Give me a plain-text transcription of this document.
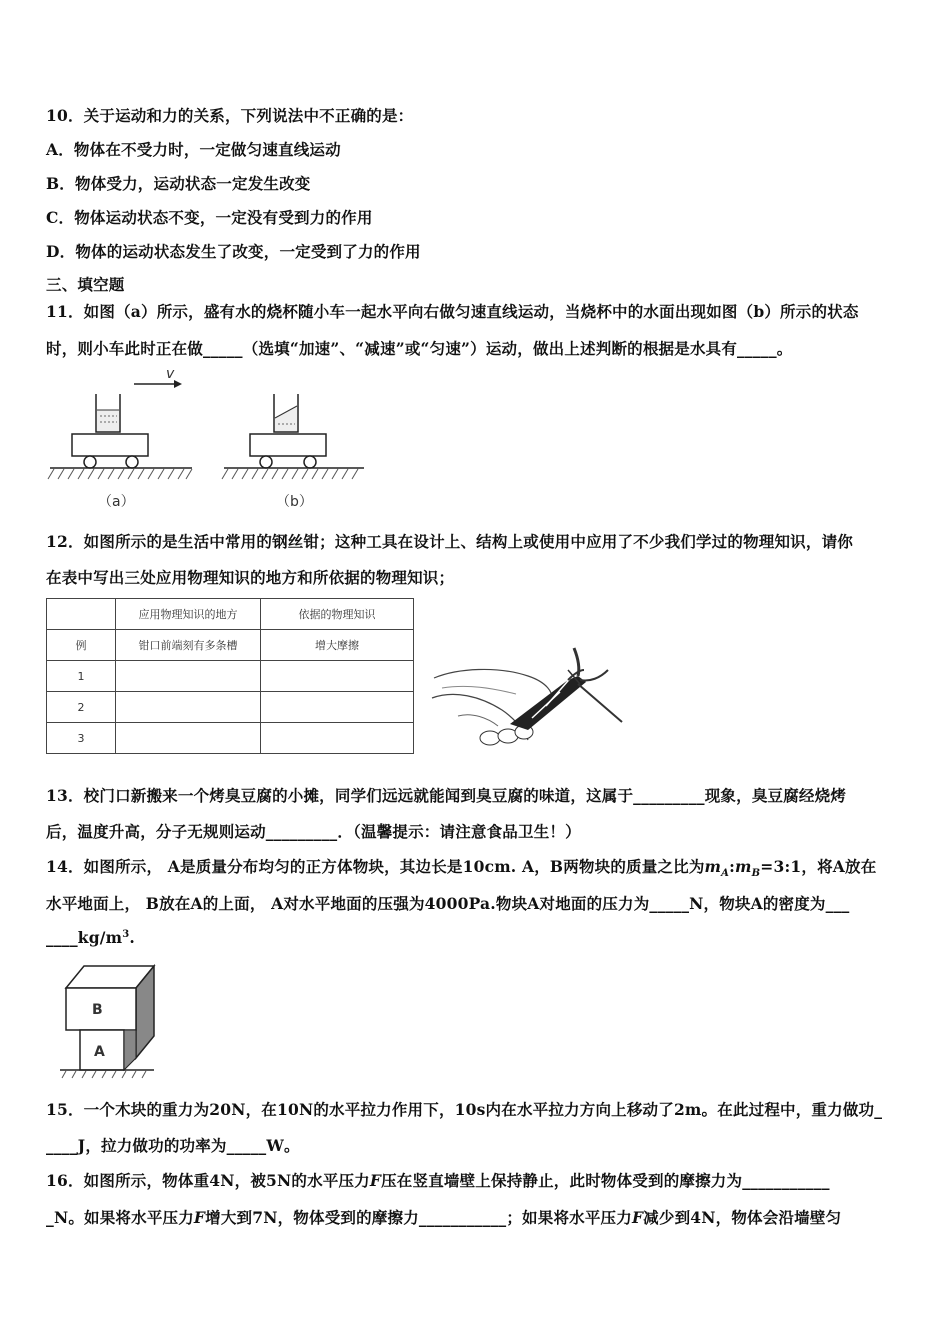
10．关于运动和力的关系，下列说法中不正确的是：
A．物体在不受力时，一定做匀速直线运动
B．物体受力，运动状态一定发生改变
C．物体运动状态不变，一定没有受到力的作用
D．物体的运动状态发生了改变，一定受到了力的作用
三、填空题
11．如图（a）所示，盛有水的烧杯随小车一起水平向右做匀速直线运动，当烧杯中的水面出现如图（b）所示的状态
时，则小车此时正在做_____（选填“加速”、“减速”或“匀速”）运动，做出上述判断的根据是水具有_____。
v
（a）	（b）
12．如图所示的是生活中常用的钢丝钳；这种工具在设计上、结构上或使用中应用了不少我们学过的物理知识，请你
在表中写出三处应用物理知识的地方和所依据的物理知识；
	应用物理知识的地方	依据的物理知识
例	钳口前端刻有多条槽	增大摩擦
1		
2		
3		
13．校门口新搬来一个烤臭豆腐的小摊，同学们远远就能闻到臭豆腐的味道，这属于_________现象，臭豆腐经烧烤
后，温度升高，分子无规则运动_________．（温馨提示：请注意食品卫生！）
14．如图所示， A是质量分布均匀的正方体物块，其边长是10cm. A，B两物块的质量之比为$m_A:m_B=3:1$，将A放在
水平地面上， B放在A的上面， A对水平地面的压强为4000Pa.物块A对地面的压力为_____N，物块A的密度为___
$\_\_\_\_kg/m^3$.
B
A
15．一个木块的重力为20N，在10N的水平拉力作用下，10s内在水平拉力方向上移动了2m。在此过程中，重力做功_
____J，拉力做功的功率为_____W。
16．如图所示，物体重4N，被5N的水平压力F压在竖直墙壁上保持静止，此时物体受到的摩擦力为___________
_N。如果将水平压力F增大到7N，物体受到的摩擦力___________；如果将水平压力F减少到4N，物体会沿墙壁匀
